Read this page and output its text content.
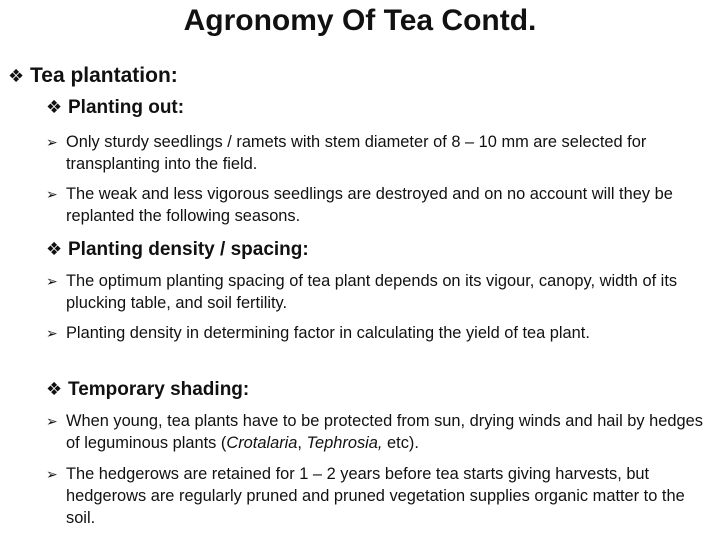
Agronomy Of Tea Contd.
❖ Tea plantation:
❖ Planting out:
➢ Only sturdy seedlings / ramets with stem diameter of 8 – 10 mm are selected for transplanting into the field.
➢ The weak and less vigorous seedlings are destroyed and on no account will they be replanted the following seasons.
❖ Planting density / spacing:
➢ The optimum planting spacing of tea plant depends on its vigour, canopy, width of its plucking table, and soil fertility.
➢ Planting density in determining factor in calculating the yield of tea plant.
❖ Temporary shading:
➢ When young, tea plants have to be protected from sun, drying winds and hail by hedges of leguminous plants (Crotalaria, Tephrosia, etc).
➢ The hedgerows are retained for 1 – 2 years before tea starts giving harvests, but hedgerows are regularly pruned and pruned vegetation supplies organic matter to the soil.
